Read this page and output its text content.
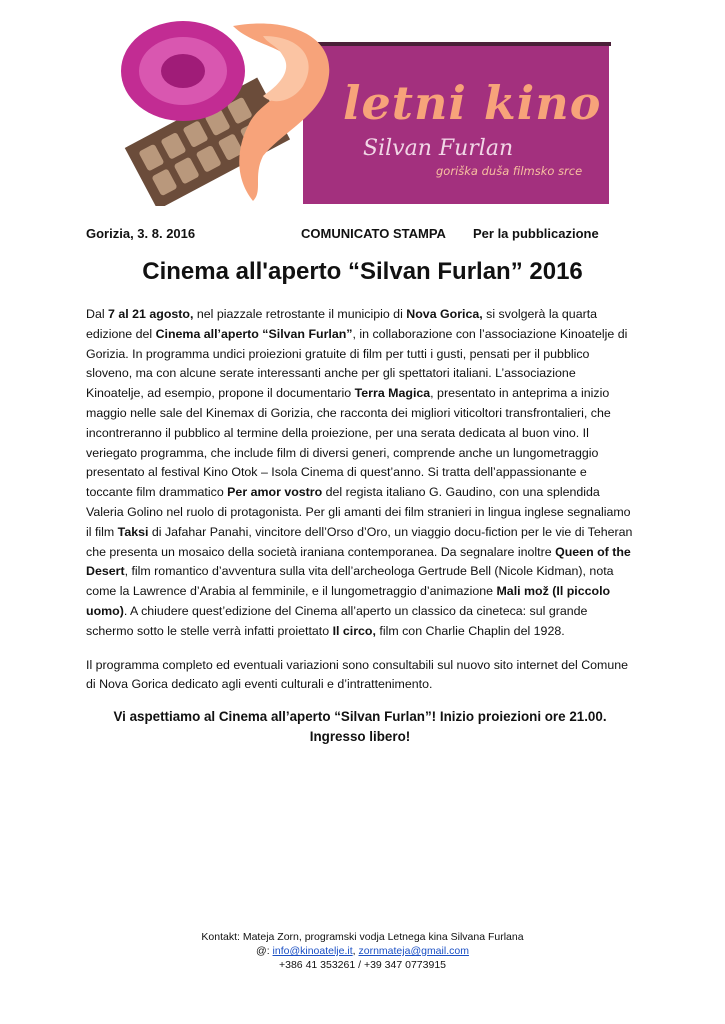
letni kino
Silvan Furlan
goriška duša filmsko srce
Gorizia, 3. 8. 2016	COMUNICATO STAMPA Per la pubblicazione
Cinema all'aperto “Silvan Furlan” 2016

Dal 7 al 21 agosto, nel piazzale retrostante il municipio di Nova Gorica, si svolgerà la quarta edizione del Cinema all’aperto “Silvan Furlan”, in collaborazione con l’associazione Kinoatelje di Gorizia. In programma undici proiezioni gratuite di film per tutti i gusti, pensati per il pubblico sloveno, ma con alcune serate interessanti anche per gli spettatori italiani. L’associazione Kinoatelje, ad esempio, propone il documentario Terra Magica, presentato in anteprima a inizio maggio nelle sale del Kinemax di Gorizia, che racconta dei migliori viticoltori transfrontalieri, che incontreranno il pubblico al termine della proiezione, per una serata dedicata al buon vino. Il veriegato programma, che include film di diversi generi, comprende anche un lungometraggio presentato al festival Kino Otok – Isola Cinema di quest’anno. Si tratta dell’appassionante e toccante film drammatico Per amor vostro del regista italiano G. Gaudino, con una splendida Valeria Golino nel ruolo di protagonista. Per gli amanti dei film stranieri in lingua inglese segnaliamo il film Taksi di Jafahar Panahi, vincitore dell’Orso d’Oro, un viaggio docu-fiction per le vie di Teheran che presenta un mosaico della società iraniana contemporanea. Da segnalare inoltre Queen of the Desert, film romantico d’avventura sulla vita dell’archeologa Gertrude Bell (Nicole Kidman), nota come la Lawrence d’Arabia al femminile, e il lungometraggio d’animazione Mali mož (Il piccolo uomo). A chiudere quest’edizione del Cinema all’aperto un classico da cineteca: sul grande schermo sotto le stelle verrà infatti proiettato Il circo, film con Charlie Chaplin del 1928.

Il programma completo ed eventuali variazioni sono consultabili sul nuovo sito internet del Comune di Nova Gorica dedicato agli eventi culturali e d’intrattenimento.

Vi aspettiamo al Cinema all’aperto “Silvan Furlan”! Inizio proiezioni ore 21.00. Ingresso libero!
Kontakt: Mateja Zorn, programski vodja Letnega kina Silvana Furlana
@: info@kinoatelje.it, zornmateja@gmail.com
+386 41 353261 / +39 347 0773915
